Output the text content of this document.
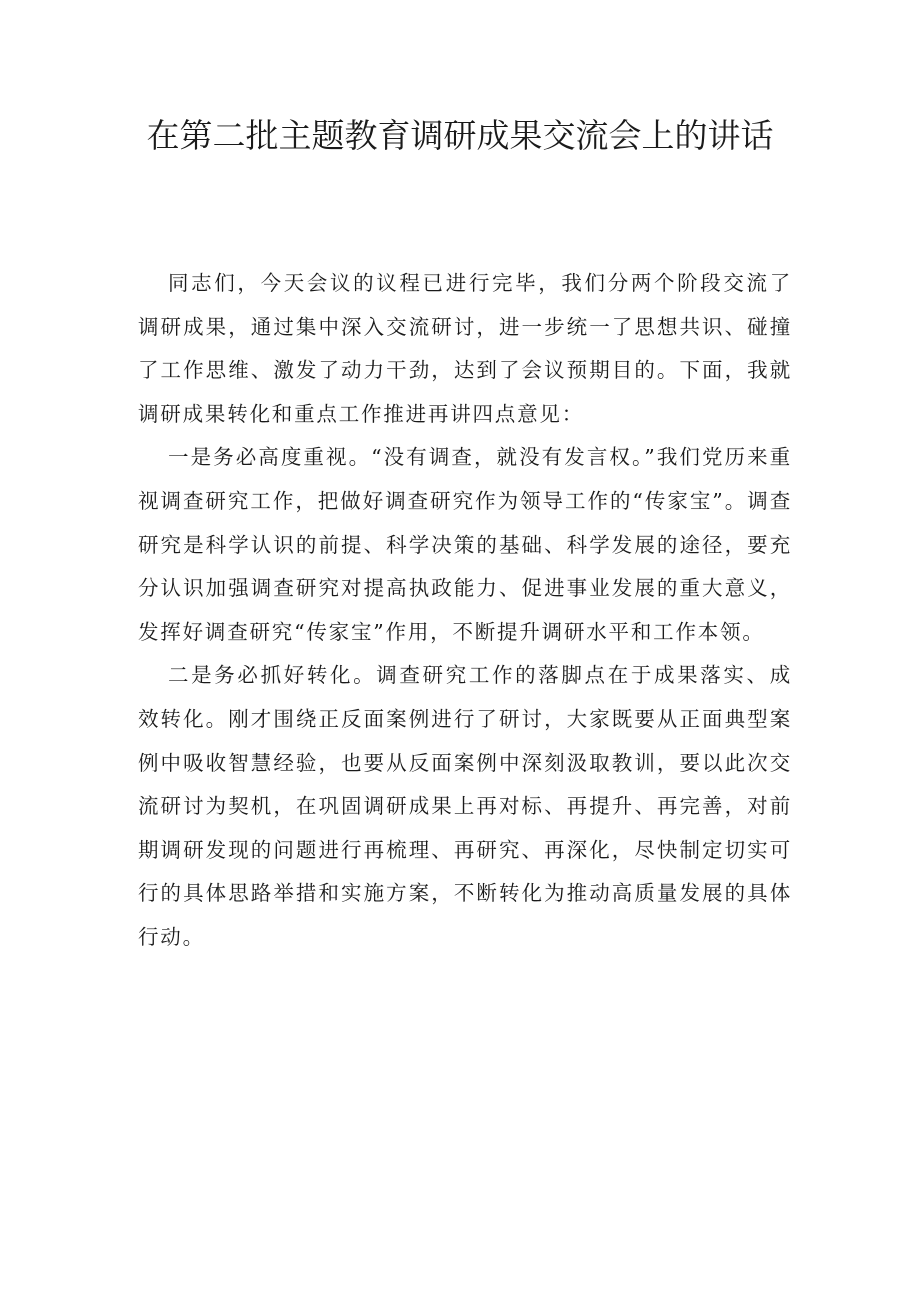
在第二批主题教育调研成果交流会上的讲话

同志们，今天会议的议程已进行完毕，我们分两个阶段交流了调研成果，通过集中深入交流研讨，进一步统一了思想共识、碰撞了工作思维、激发了动力干劲，达到了会议预期目的。下面，我就调研成果转化和重点工作推进再讲四点意见：

一是务必高度重视。“没有调查，就没有发言权。”我们党历来重视调查研究工作，把做好调查研究作为领导工作的“传家宝”。调查研究是科学认识的前提、科学决策的基础、科学发展的途径，要充分认识加强调查研究对提高执政能力、促进事业发展的重大意义，发挥好调查研究“传家宝”作用，不断提升调研水平和工作本领。

二是务必抓好转化。调查研究工作的落脚点在于成果落实、成效转化。刚才围绕正反面案例进行了研讨，大家既要从正面典型案例中吸收智慧经验，也要从反面案例中深刻汲取教训，要以此次交流研讨为契机，在巩固调研成果上再对标、再提升、再完善，对前期调研发现的问题进行再梳理、再研究、再深化，尽快制定切实可行的具体思路举措和实施方案，不断转化为推动高质量发展的具体行动。
